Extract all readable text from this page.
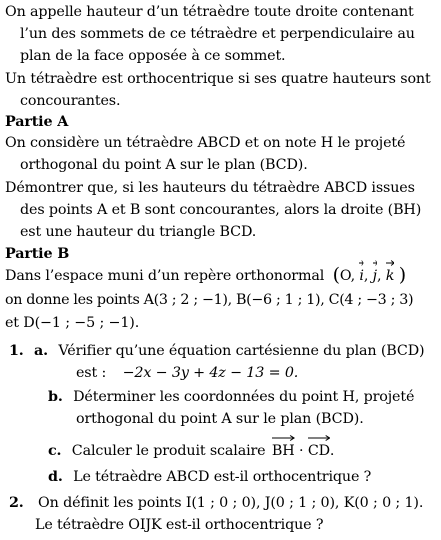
On appelle hauteur d’un tétraèdre toute droite contenant
l’un des sommets de ce tétraèdre et perpendiculaire au
plan de la face opposée à ce sommet.
Un tétraèdre est orthocentrique si ses quatre hauteurs sont
concourantes.
Partie A
On considère un tétraèdre ABCD et on note H le projeté
orthogonal du point A sur le plan (BCD).
Démontrer que, si les hauteurs du tétraèdre ABCD issues
des points A et B sont concourantes, alors la droite (BH)
est une hauteur du triangle BCD.
Partie B
Dans l’espace muni d’un repère orthonormal (O, i, j, k )
on donne les points A(3 ; 2 ; −1), B(−6 ; 1 ; 1), C(4 ; −3 ; 3)
et D(−1 ; −5 ; −1).
1. a. Vérifier qu’une équation cartésienne du plan (BCD)
est : −2x − 3y + 4z − 13 = 0.
b. Déterminer les coordonnées du point H, projeté
orthogonal du point A sur le plan (BCD).
c. Calculer le produit scalaire BH · CD.
d. Le tétraèdre ABCD est-il orthocentrique ?
2. On définit les points I(1 ; 0 ; 0), J(0 ; 1 ; 0), K(0 ; 0 ; 1).
Le tétraèdre OIJK est-il orthocentrique ?
